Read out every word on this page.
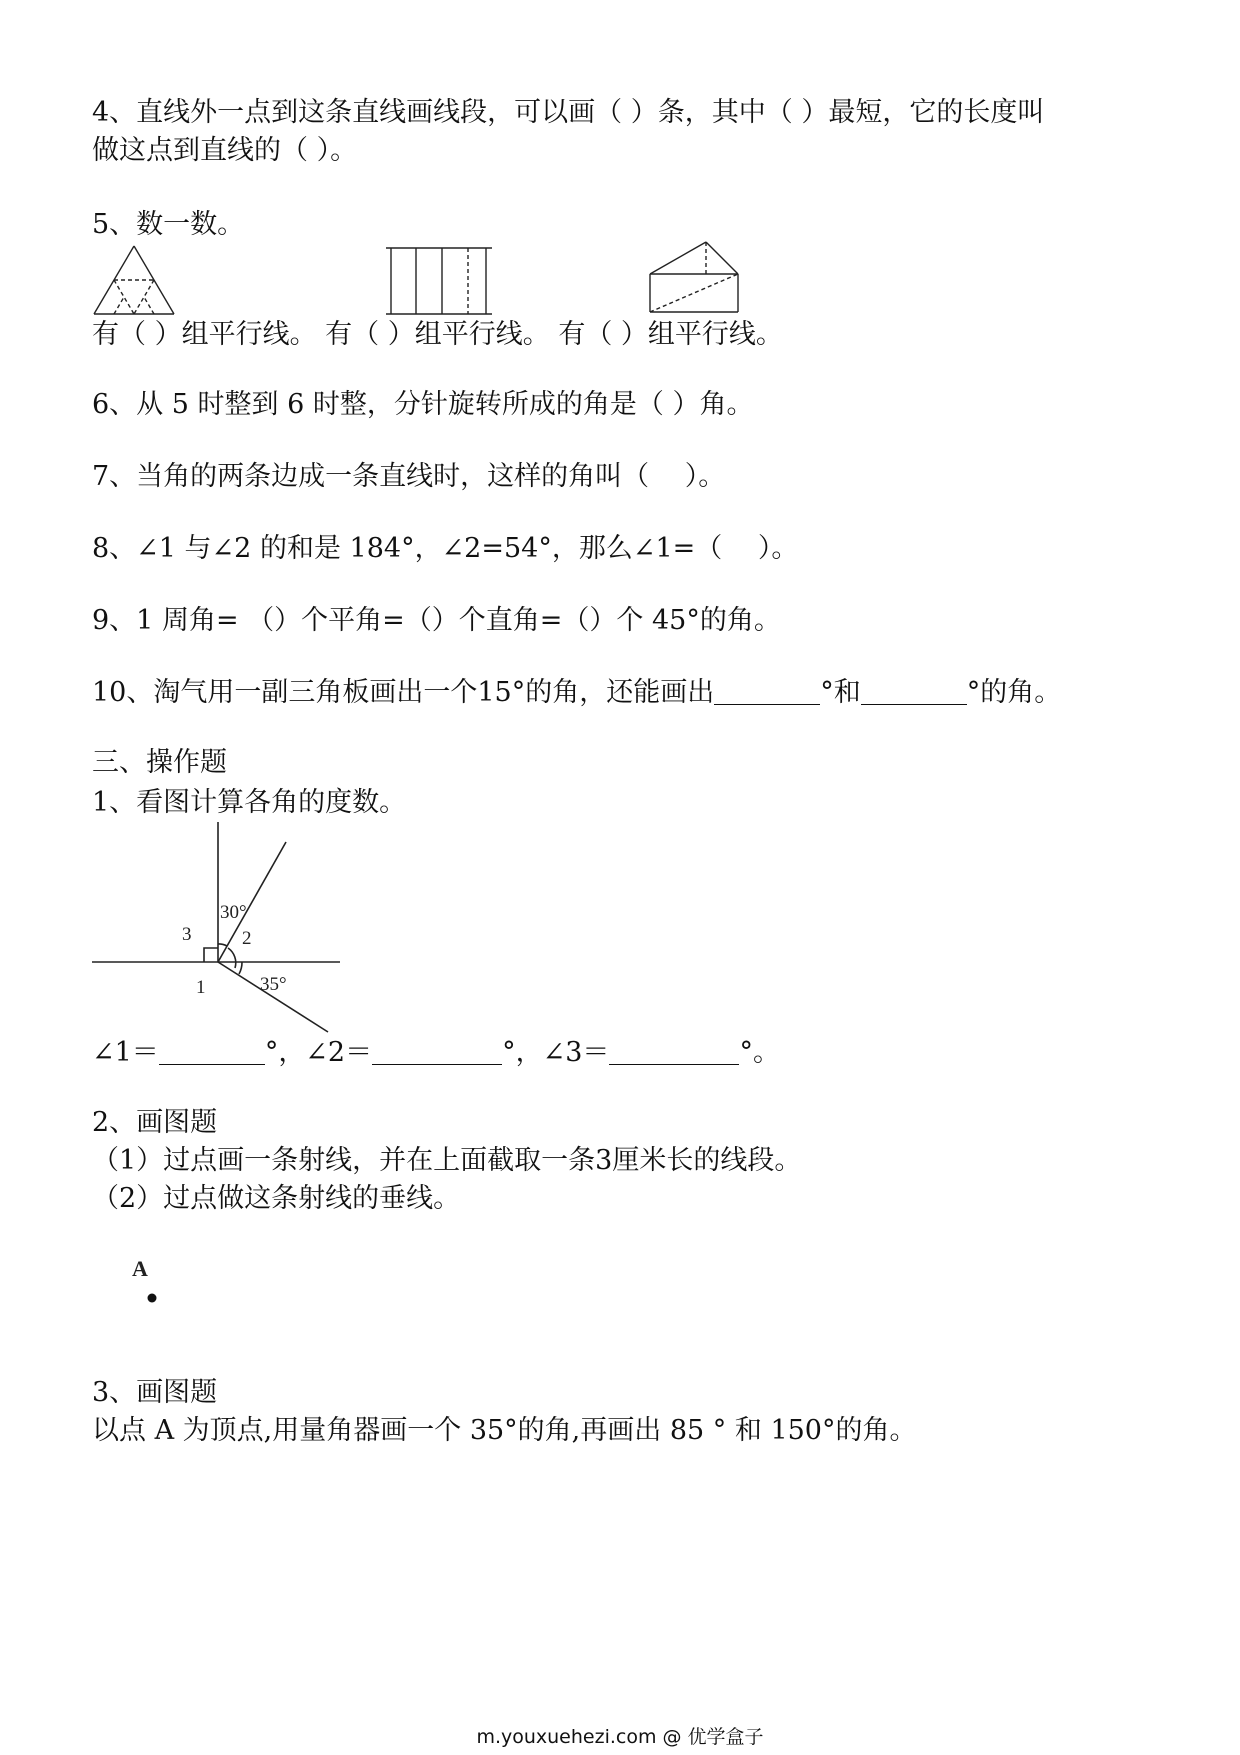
4、直线外一点到这条直线画线段，可以画（ ）条，其中（ ）最短，它的长度叫
做这点到直线的（ ）。
5、数一数。
有（ ）组平行线。 有（ ）组平行线。 有（ ）组平行线。
6、从 5 时整到 6 时整，分针旋转所成的角是（ ）角。
7、当角的两条边成一条直线时，这样的角叫（　 ）。
8、∠1 与∠2 的和是 184°，∠2=54°，那么∠1=（　 ）。
9、1 周角= （）个平角=（）个直角=（）个 45°的角。
10、淘气用一副三角板画出一个15°的角，还能画出	°和	°的角。
三、操作题
1、看图计算各角的度数。
30°
35°
1
2
3
∠1＝	°，∠2＝	°，∠3＝	°。
2、画图题
（1）过点画一条射线，并在上面截取一条3厘米长的线段。
（2）过点做这条射线的垂线。
A
3、画图题
以点 A 为顶点,用量角器画一个 35°的角,再画出 85 ° 和 150°的角。
m.youxuehezi.com @ 优学盒子
